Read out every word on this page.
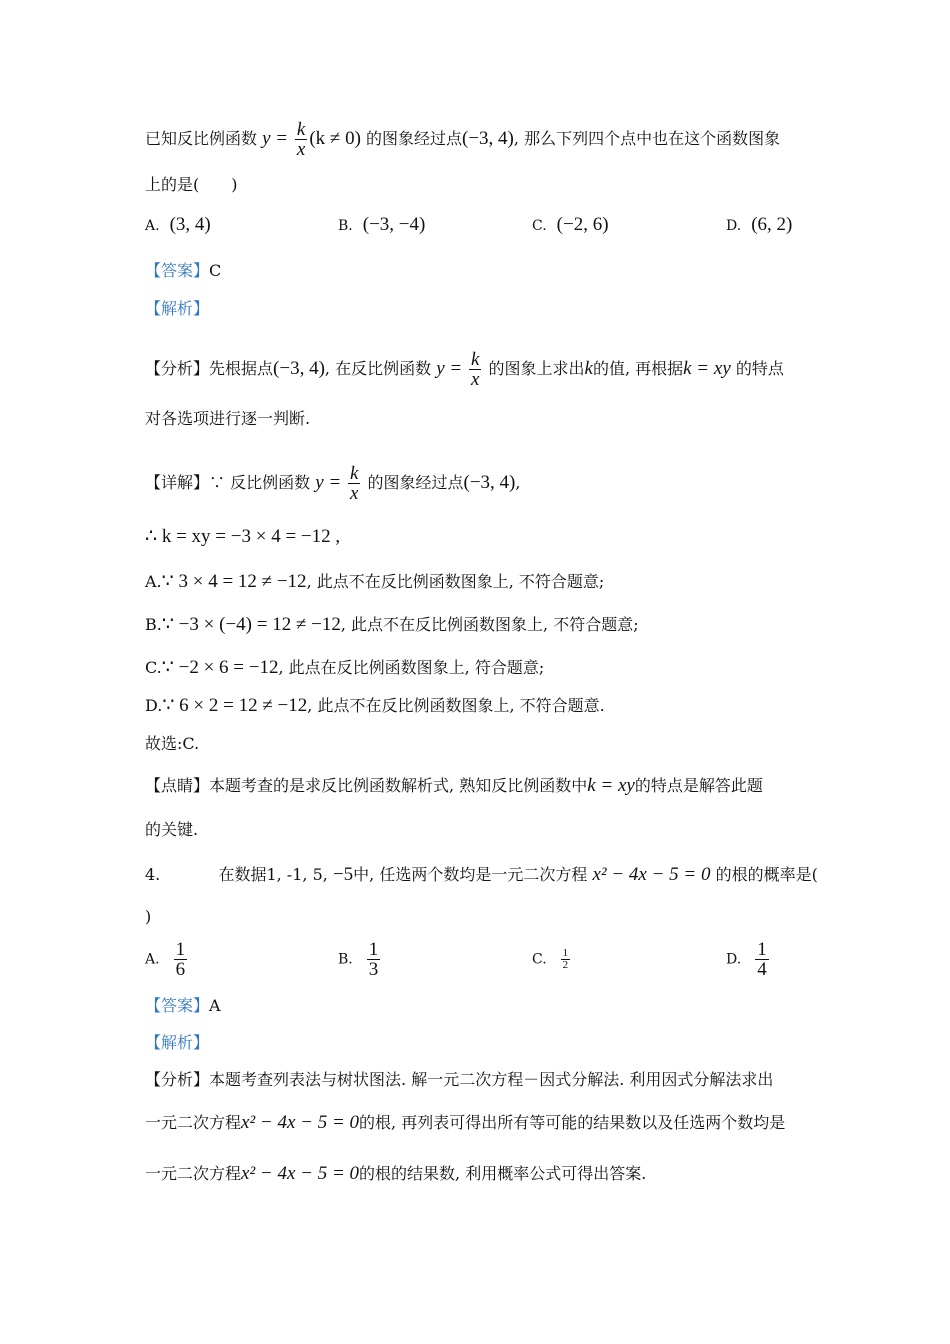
已知反比例函数 $y = \frac{k}{x} (k \ne 0)$ 的图象经过点(−3, 4), 那么下列四个点中也在这个函数图象
上的是(　　)
A. (3, 4)	B. (−3, −4)	C. (−2, 6)	D. (6, 2)
【答案】C
【解析】
【分析】先根据点(−3, 4), 在反比例函数 $y = \frac{k}{x}$ 的图象上求出k的值, 再根据k = xy 的特点
对各选项进行逐一判断.
【详解】∵ 反比例函数 $y = \frac{k}{x}$ 的图象经过点(−3, 4),
∴ k = xy = −3 × 4 = −12 ,
A.∵ 3 × 4 = 12 ≠ −12, 此点不在反比例函数图象上, 不符合题意;
B.∵ −3 × (−4) = 12 ≠ −12, 此点不在反比例函数图象上, 不符合题意;
C.∵ −2 × 6 = −12, 此点在反比例函数图象上, 符合题意;
D.∵ 6 × 2 = 12 ≠ −12, 此点不在反比例函数图象上, 不符合题意.
故选:C.
【点睛】本题考查的是求反比例函数解析式, 熟知反比例函数中k = xy的特点是解答此题
的关键.
4.	在数据1, -1, 5, −5中, 任选两个数均是一元二次方程 x² − 4x − 5 = 0 的根的概率是(
)
A. $\frac{1}{6}$	B. $\frac{1}{3}$	C. $\frac{1}{2}$	D. $\frac{1}{4}$
【答案】A
【解析】
【分析】本题考查列表法与树状图法. 解一元二次方程－因式分解法. 利用因式分解法求出
一元二次方程x² − 4x − 5 = 0的根, 再列表可得出所有等可能的结果数以及任选两个数均是
一元二次方程x² − 4x − 5 = 0的根的结果数, 利用概率公式可得出答案.
